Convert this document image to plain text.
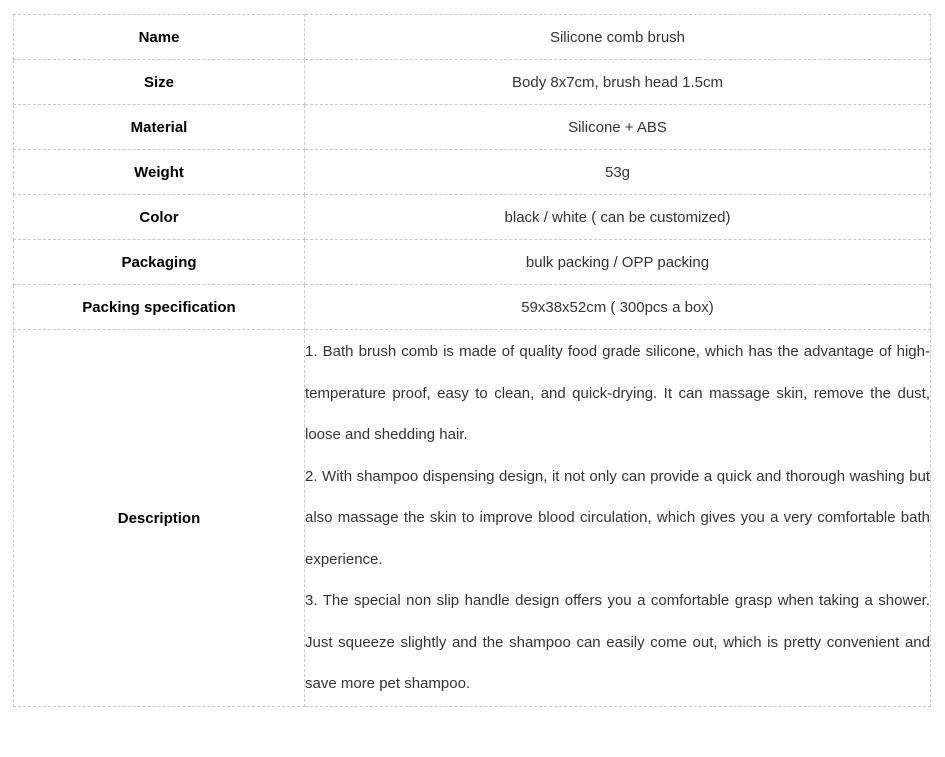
Name	Silicone comb brush
Size	Body 8x7cm, brush head 1.5cm
Material	Silicone + ABS
Weight	53g
Color	black / white ( can be customized)
Packaging	bulk packing / OPP packing
Packing specification	59x38x52cm ( 300pcs a box)
Description	1. Bath brush comb is made of quality food grade silicone, which has the advantage of high-temperature proof, easy to clean, and quick-drying. It can massage skin, remove the dust, loose and shedding hair.

2. With shampoo dispensing design, it not only can provide a quick and thorough washing but also massage the skin to improve blood circulation, which gives you a very comfortable bath experience.

3. The special non slip handle design offers you a comfortable grasp when taking a shower. Just squeeze slightly and the shampoo can easily come out, which is pretty convenient and save more pet shampoo.
